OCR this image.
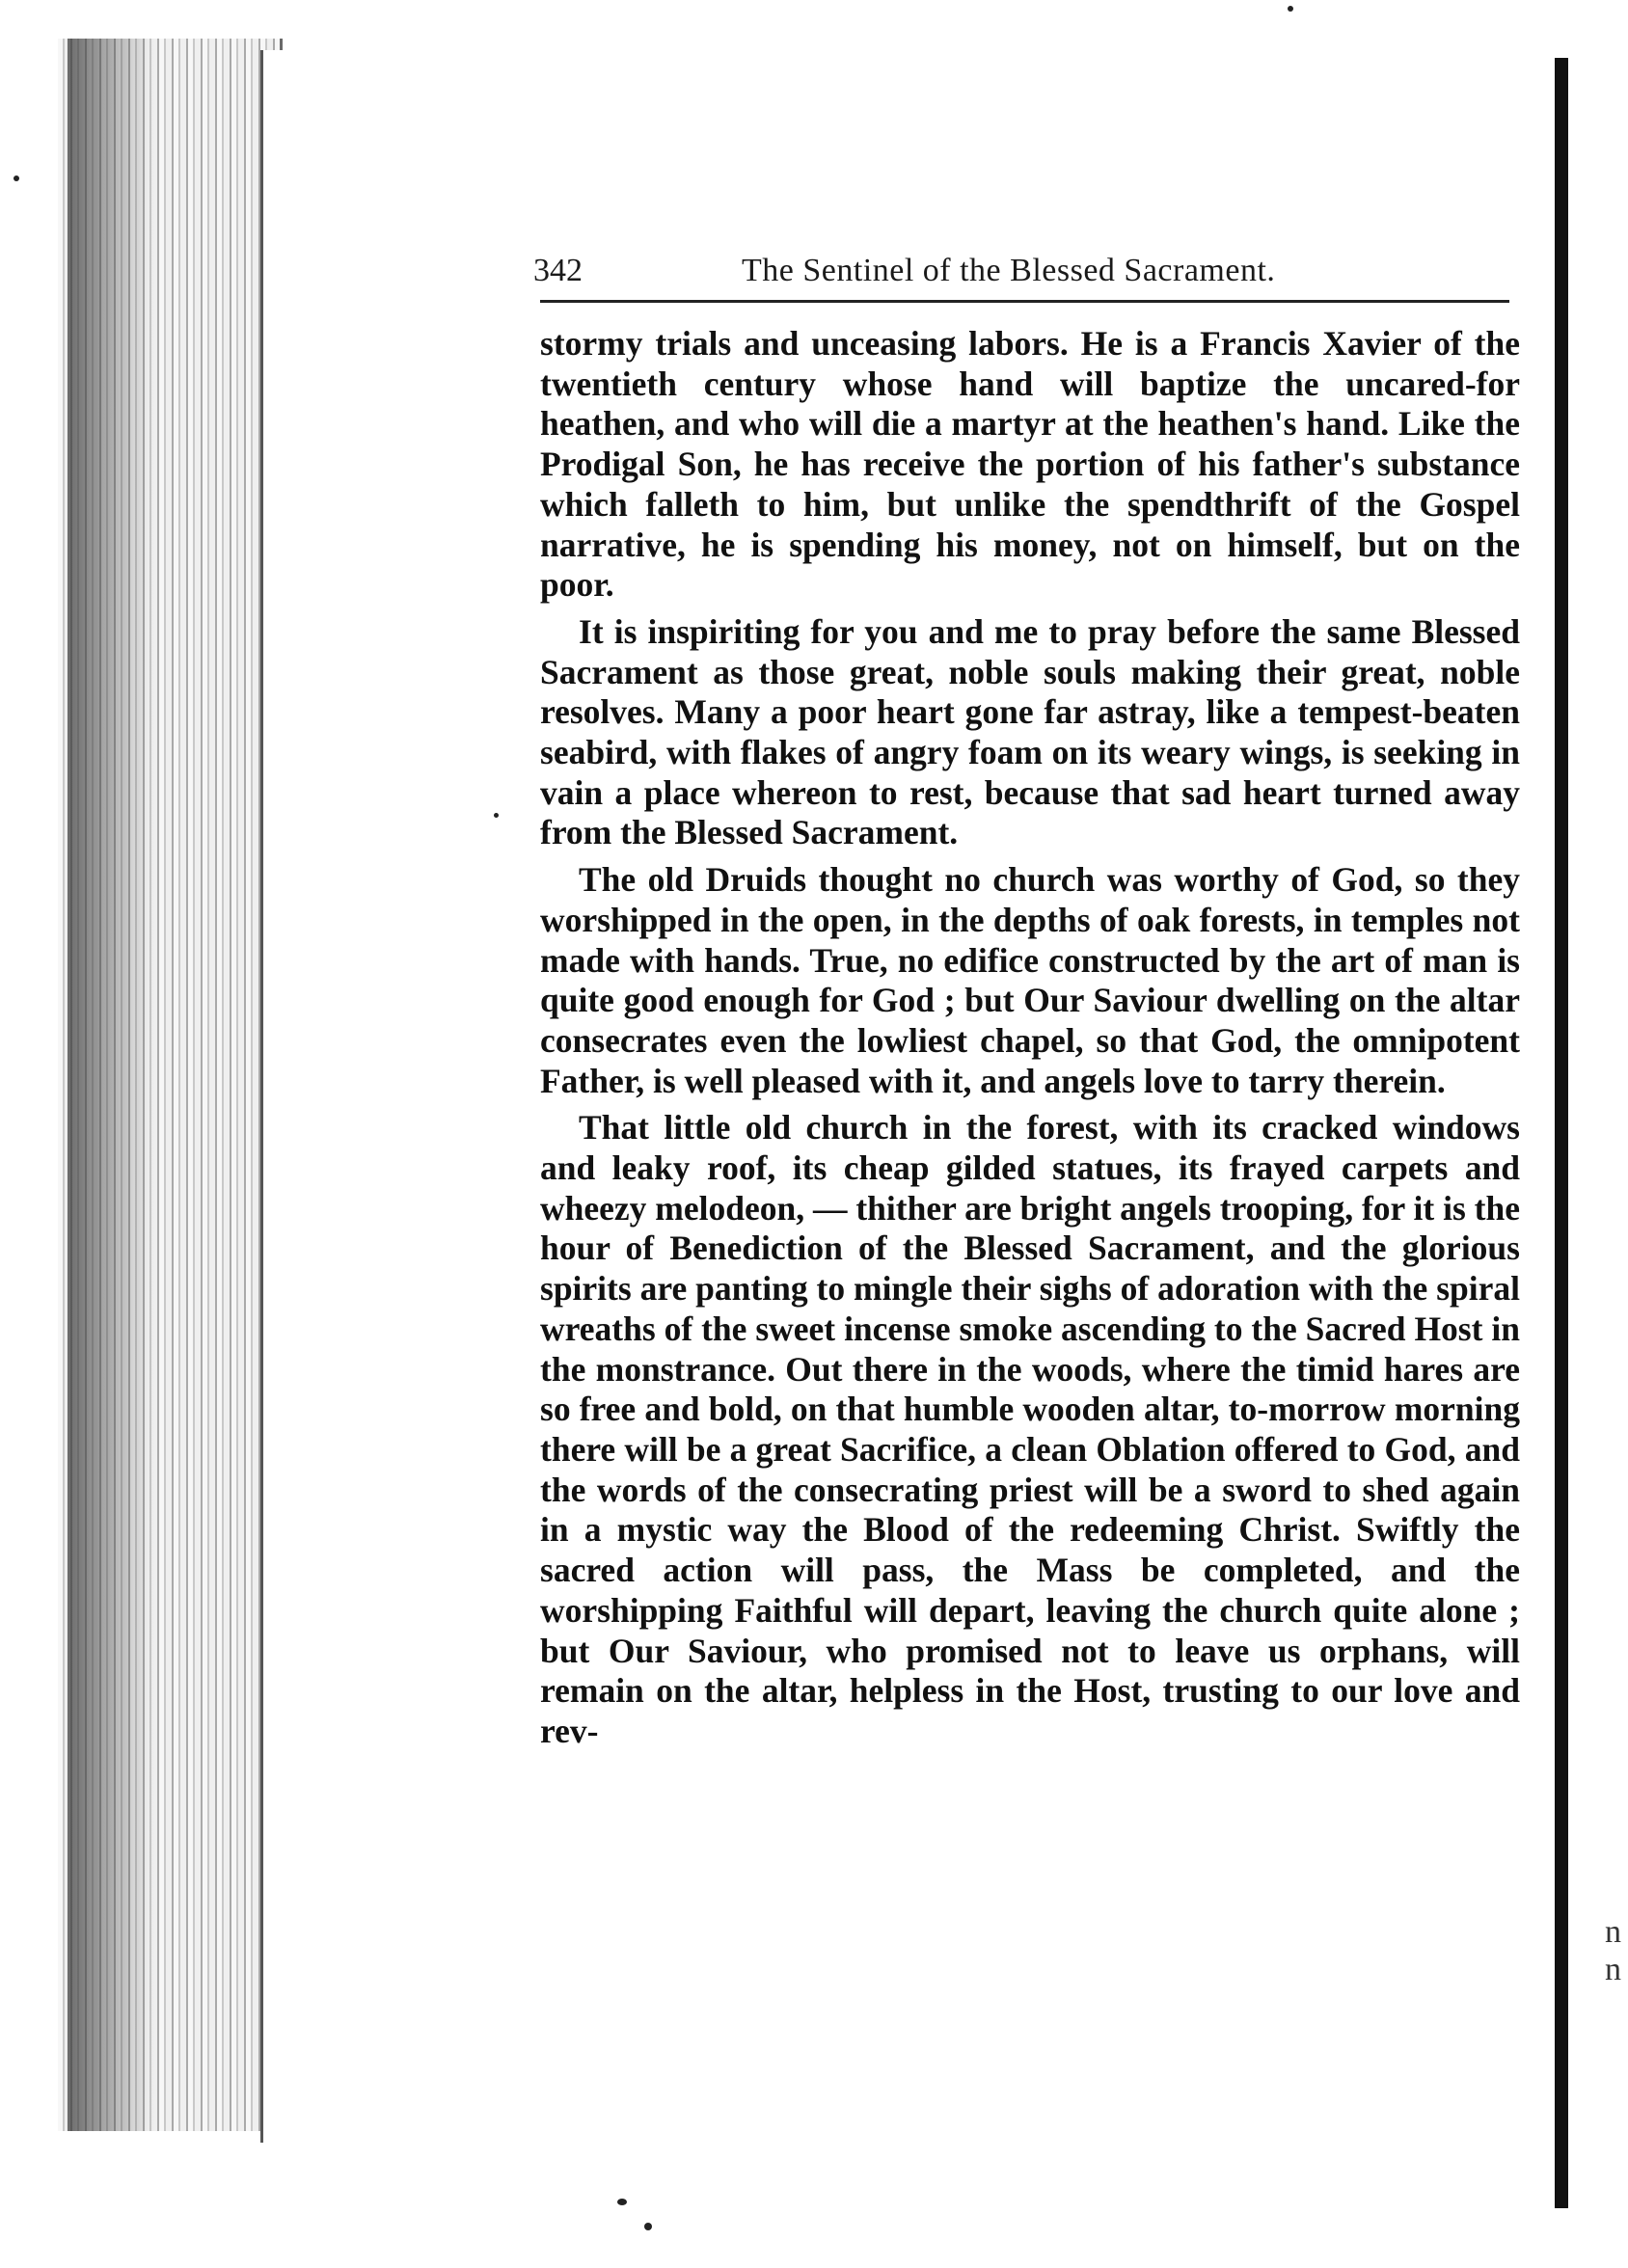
n
n
342	The Sentinel of the Blessed Sacrament.

stormy trials and unceasing labors. He is a Francis Xavier of the twentieth century whose hand will baptize the uncared-for heathen, and who will die a martyr at the heathen's hand. Like the Prodigal Son, he has receive the portion of his father's substance which falleth to him, but unlike the spendthrift of the Gospel narrative, he is spending his money, not on himself, but on the poor.

It is inspiriting for you and me to pray before the same Blessed Sacrament as those great, noble souls making their great, noble resolves. Many a poor heart gone far astray, like a tempest-beaten seabird, with flakes of angry foam on its weary wings, is seeking in vain a place whereon to rest, because that sad heart turned away from the Blessed Sacrament.

The old Druids thought no church was worthy of God, so they worshipped in the open, in the depths of oak forests, in temples not made with hands. True, no edifice constructed by the art of man is quite good enough for God ; but Our Saviour dwelling on the altar consecrates even the lowliest chapel, so that God, the omnipotent Father, is well pleased with it, and angels love to tarry therein.

That little old church in the forest, with its cracked windows and leaky roof, its cheap gilded statues, its frayed carpets and wheezy melodeon, — thither are bright angels trooping, for it is the hour of Benediction of the Blessed Sacrament, and the glorious spirits are panting to mingle their sighs of adoration with the spiral wreaths of the sweet incense smoke ascending to the Sacred Host in the monstrance. Out there in the woods, where the timid hares are so free and bold, on that humble wooden altar, to-morrow morning there will be a great Sacrifice, a clean Oblation offered to God, and the words of the consecrating priest will be a sword to shed again in a mystic way the Blood of the redeeming Christ. Swiftly the sacred action will pass, the Mass be completed, and the worshipping Faithful will depart, leaving the church quite alone ; but Our Saviour, who promised not to leave us orphans, will remain on the altar, helpless in the Host, trusting to our love and rev-
